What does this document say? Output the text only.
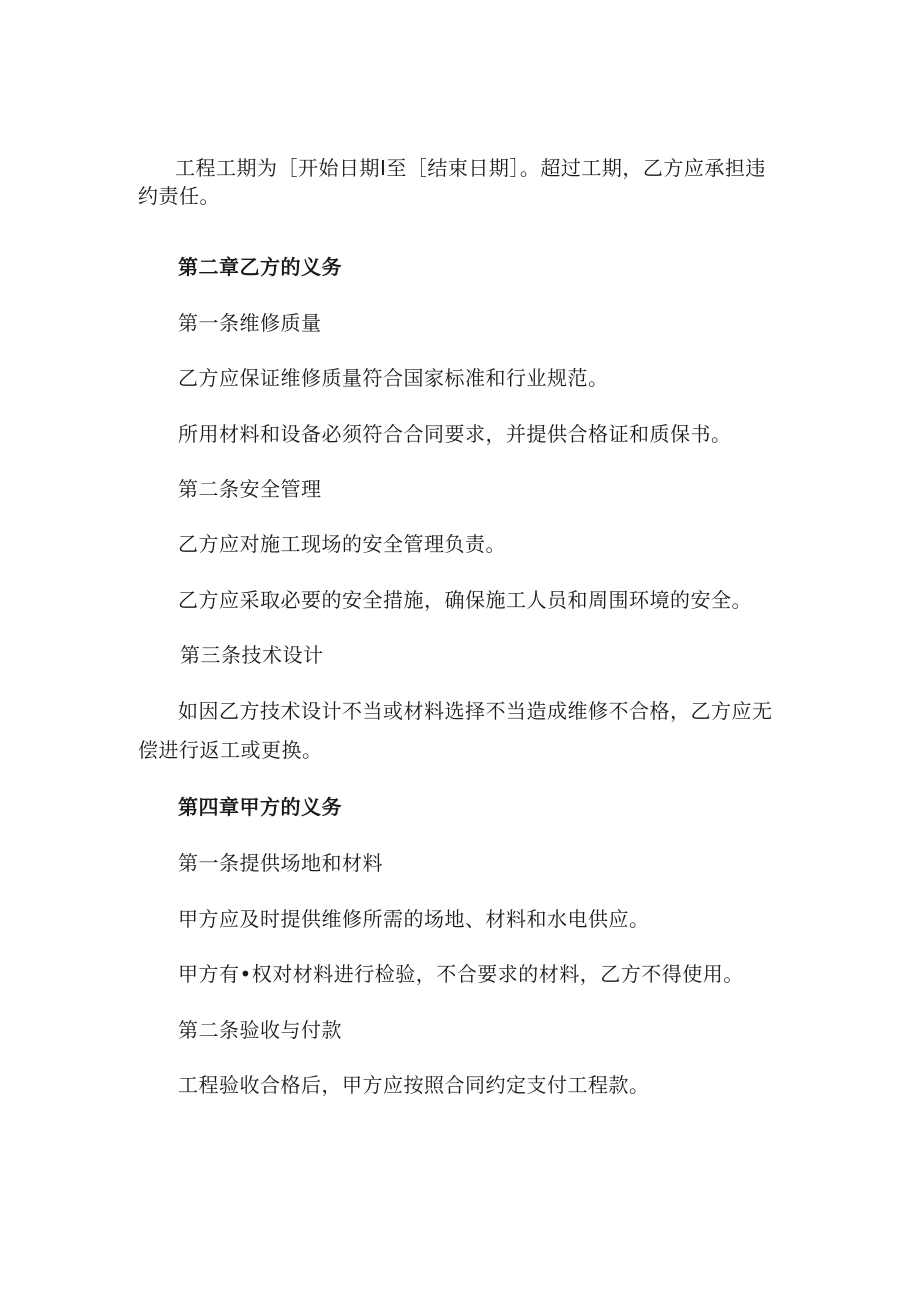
工程工期为［开始日期Ⅰ至［结束日期］。超过工期，乙方应承担违
约责任。
第二章乙方的义务
第一条维修质量
乙方应保证维修质量符合国家标准和行业规范。
所用材料和设备必须符合合同要求，并提供合格证和质保书。
第二条安全管理
乙方应对施工现场的安全管理负责。
乙方应采取必要的安全措施，确保施工人员和周围环境的安全。
第三条技术设计
如因乙方技术设计不当或材料选择不当造成维修不合格，乙方应无
偿进行返工或更换。
第四章甲方的义务
第一条提供场地和材料
甲方应及时提供维修所需的场地、材料和水电供应。
甲方有•权对材料进行检验，不合要求的材料，乙方不得使用。
第二条验收与付款
工程验收合格后，甲方应按照合同约定支付工程款。
